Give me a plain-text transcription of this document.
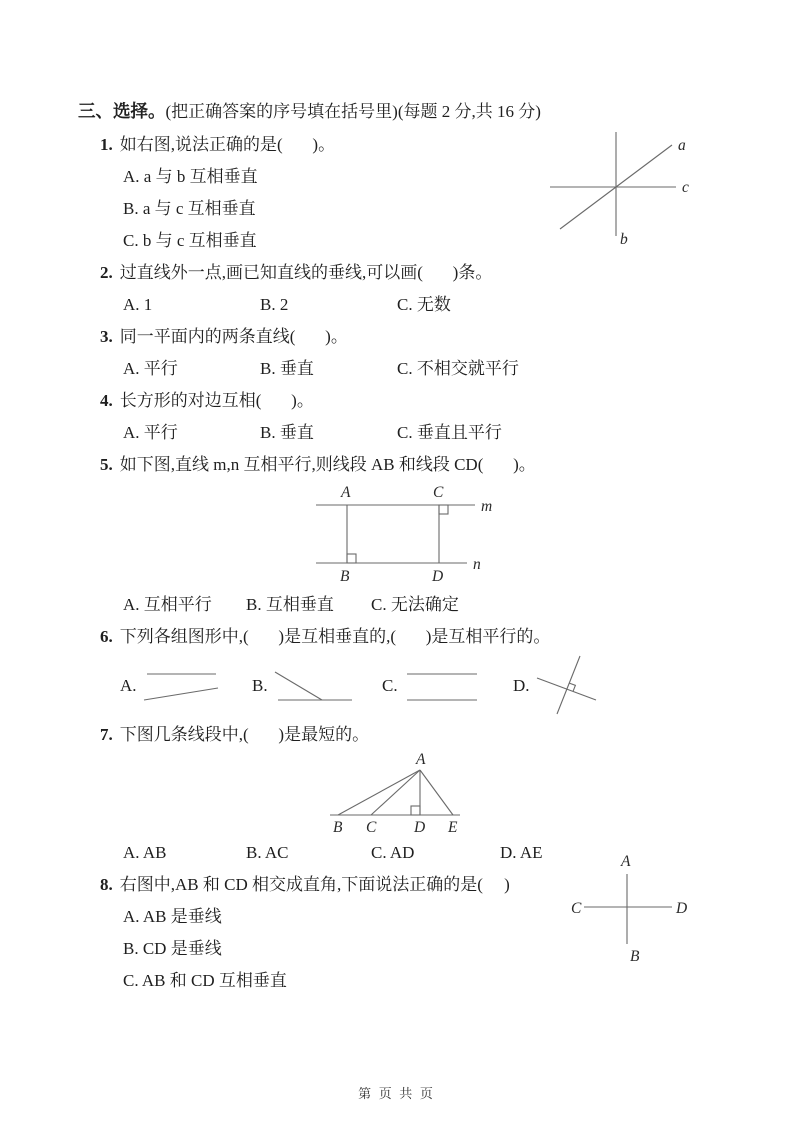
三、选择。(把正确答案的序号填在括号里)(每题 2 分,共 16 分)
1. 如右图,说法正确的是(       )。
A. a 与 b 互相垂直
B. a 与 c 互相垂直
C. b 与 c 互相垂直
2. 过直线外一点,画已知直线的垂线,可以画(       )条。
A. 1	B. 2	C. 无数
3. 同一平面内的两条直线(       )。
A. 平行	B. 垂直	C. 不相交就平行
4. 长方形的对边互相(       )。
A. 平行	B. 垂直	C. 垂直且平行
5. 如下图,直线 m,n 互相平行,则线段 AB 和线段 CD(       )。
A	C
B	D
m
n
A. 互相平行	B. 互相垂直	C. 无法确定
6. 下列各组图形中,(       )是互相垂直的,(       )是互相平行的。
A.	B.	C.	D.
7. 下图几条线段中,(       )是最短的。
A
B C D E
A. AB	B. AC	C. AD	D. AE
8. 右图中,AB 和 CD 相交成直角,下面说法正确的是(     )
A. AB 是垂线
B. CD 是垂线
C. AB 和 CD 互相垂直
a
c
b
A
B
C	D
第 页 共 页
